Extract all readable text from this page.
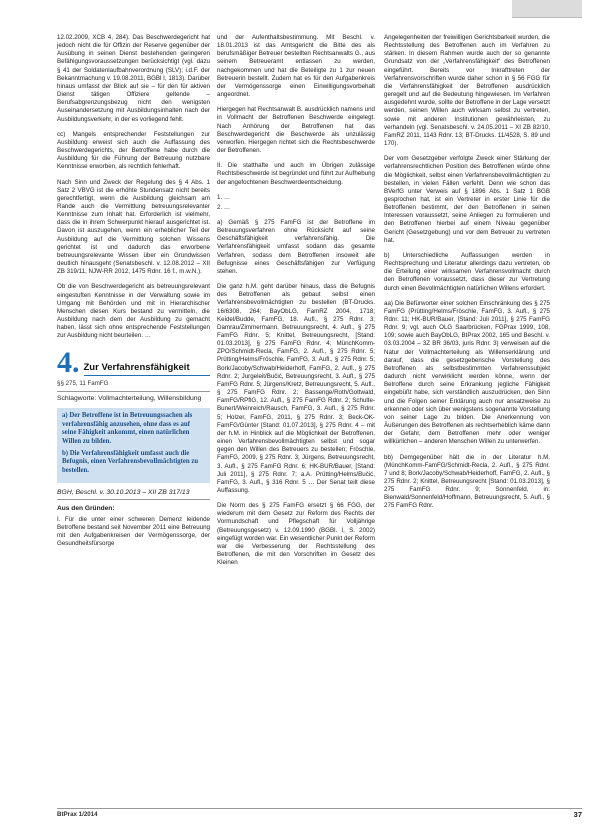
12.02.2009, XCB 4, 284). Das Beschwerdegericht hat jedoch nicht die für Offizin der Reserve gegenüber der Ausübung in seinen Dienst bestehenden geringeren Befähigungsvoraussetzungen berücksichtigt (vgl. dazu § 41 der Soldatenlaufbahnverordnung (SLV); i.d.F. der Bekanntmachung v. 19.08.2011, BGBl I, 1813). Darüber hinaus umfasst der Blick auf sie – für den für aktiven Dienst tätigen Offiziere geltende – Berufsabgrenzungsbezug nicht den wenigsten Auseinandersetzung mit Ausbildungsinhalten nach der Ausbildungsverkehr, in der es vorliegend fehlt.

cc) Mangels entsprechender Feststellungen zur Ausbildung erweist sich auch die Auffassung des Beschwerdegerichts, der Betroffene habe durch die Ausbildung für die Führung der Betreuung nutzbare Kenntnisse erworben, als rechtlich fehlerhaft.

Nach Sinn und Zweck der Regelung des § 4 Abs. 1 Satz 2 VBVG ist die erhöhte Stundensatz nicht bereits gerechtfertigt, wenn die Ausbildung gleichsam am Rande auch die Vermittlung betreuungsrelevanter Kenntnisse zum Inhalt hat. Erforderlich ist vielmehr, dass die in ihrem Schwerpunkt hierauf ausgerichtet ist. Davon ist auszugehen, wenn ein erheblicher Teil der Ausbildung auf die Vermittlung solchen Wissens gerichtet ist und dadurch das erworbene betreuungsrelevante Wissen über ein Grundwissen deutlich hinausgeht (Senatsbeschl. v. 12.08.2012 – XII ZB 319/11, NJW-RR 2012, 1475 Rdnr. 16 f., m.w.N.).

Ob die von Beschwerdegericht als betreuungsrelevant eingestuften Kenntnisse in der Verwaltung sowie im Umgang mit Behörden und mit in Hierarchischer Menschen diesen Kurs bestand zu vermitteln, die Ausbildung nach dem der Ausbildung zu gemacht haben, lässt sich ohne entsprechende Feststellungen zur Ausbildung nicht beurteilen. …

4. Zur Verfahrensfähigkeit
§§ 275, 11 FamFG
Schlagworte: Vollmachterteilung, Willensbildung

a) Der Betroffene ist in Betreuungssachen als verfahrensfähig anzusehen, ohne dass es auf seine Fähigkeit ankommt, einen natürlichen Willen zu bilden.

b) Die Verfahrensfähigkeit umfasst auch die Befugnis, einen Verfahrensbevollmächtigten zu bestellen.

BGH, Beschl. v. 30.10.2013 – XII ZB 317/13
Aus den Gründen:

I. Für die unter einer schweren Demenz leidende Betroffene bestand seit November 2011 eine Betreuung mit den Aufgabenkreisen der Vermögenssorge, der Gesundheitsfürsorge

und der Aufenthaltsbestimmung. Mit Beschl. v. 18.01.2013 ist das Amtsgericht die Bitte des als berufsmäßiger Betreuer bestellten Rechtsanwalts G., aus seinem Betreueramt entlassen zu werden, nachgekommen und hat die Beteiligte zu 1 zur neuen Betreuerin bestellt. Zudem hat es für den Aufgabenkreis der Vermögenssorge einen Einwilligungsvorbehalt angeordnet.

Hiergegen hat Rechtsanwalt B. ausdrücklich namens und in Vollmacht der Betroffenen Beschwerde eingelegt. Nach Anhörung der Betroffenen hat das Beschwerdegericht die Beschwerde als unzulässig verworfen. Hiergegen richtet sich die Rechtsbeschwerde der Betroffenen.

II. Die statthafte und auch im Übrigen zulässige Rechtsbeschwerde ist begründet und führt zur Aufhebung der angefochtenen Beschwerdeentscheidung.

1. …

2. …

a) Gemäß § 275 FamFG ist der Betroffene im Betreuungsverfahren ohne Rücksicht auf seine Geschäftsfähigkeit verfahrensfähig. Die Verfahrensfähigkeit umfasst sodann das gesamte Verfahren, sodass dem Betroffenen insoweit alle Befugnisse eines Geschäftsfähigen zur Verfügung stehen.

Die ganz h.M. geht darüber hinaus, dass die Befugnis des Betroffenen als gebaut selbst einen Verfahrensbevollmächtigten zu bestellen (BT-Drucks. 16/6308, 264; BayObLG, FamRZ 2004, 1718; Keidel/Budde, FamFG, 18. Aufl., § 275 Rdnr. 3; Damrau/Zimmermann, Betreuungsrecht, 4. Aufl., § 275 FamFG Rdnr. 5; Knittel, Betreuungsrecht, [Stand: 01.03.2013], § 275 FamFG Rdnr. 4; MünchKomm-ZPO/Schmidt-Recla, FamFG, 2. Aufl., § 275 Rdnr. 5; Prütting/Helms/Fröschle, FamFG, 3. Aufl., § 275 Rdnr. 5; Bork/Jacoby/Schwab/Heiderhoff, FamFG, 2. Aufl., § 275 Rdnr. 2; Jurgeleit/Bučić, Betreuungsrecht, 3. Aufl., § 275 FamFG Rdnr. 5; Jürgens/Kretz, Betreuungsrecht, 5. Aufl., § 275 FamFG Rdnr. 2; Bassenge/Roth/Gottwald, FamFG/RPflG, 12. Aufl., § 275 FamFG Rdnr. 2; Schulte-Bunert/Weinreich/Rausch, FamFG, 3. Aufl., § 275 Rdnr. 5; Holzer, FamFG, 2011, § 275 Rdnr. 3; Beck-OK-FamFG/Günter [Stand: 01.07.2013], § 275 Rdnr. 4 – mit der h.M. in Hinblick auf die Möglichkeit der Betroffenen, einen Verfahrensbevollmächtigten selbst und sogar gegen den Willen des Betreuers zu bestellen; Fröschle, FamFG, 2009, § 275 Rdnr. 3; Jürgens, Betreuungsrecht, 3. Aufl., § 275 FamFG Rdnr. 6; HK-BUR/Bauer, [Stand: Juli 2011], § 275 Rdnr. 7; a.A. Prütting/Helms/Bučić, FamFG, 3. Aufl., § 316 Rdnr. 5 … Der Senat teilt diese Auffassung.

Die Norm des § 275 FamFG ersetzt § 66 FGG, der wiederum mit dem Gesetz zur Reform des Rechts der Vormundschaft und Pflegschaft für Volljährige (Betreuungsgesetz) v. 12.09.1990 (BGBl. I, S. 2002) eingefügt worden war. Ein wesentlicher Punkt der Reform war die Verbesserung der Rechtsstellung des Betroffenen, die mit den Vorschriften im Gesetz des Kleinen

Angelegenheiten der freiwilligen Gerichtsbarkeit wurden, die Rechtsstellung des Betroffenen auch im Verfahren zu stärken. In diesem Rahmen wurde auch der so genannte Grundsatz von der „Verfahrensfähigkeit“ des Betroffenen eingeführt. Bereits vor Inkrafttreten der Verfahrensvorschriften wurde daher schon in § 56 FGG für die Verfahrensfähigkeit der Betroffenen ausdrücklich geregelt und auf die Bedeutung hingewiesen. Im Verfahren ausgedehnt wurde, sollte der Betroffene in der Lage versetzt werden, seinen Willen auch wirksam selbst zu vertreten, sowie mit anderen Institutionen gewährleisten, zu verhandeln (vgl. Senatsbeschl. v. 24.05.2011 – XI ZB 82/10, FamRZ 2011, 1143 Rdnr. 13; BT-Drucks. 11/4528, S. 89 und 170).

Der vom Gesetzgeber verfolgte Zweck einer Stärkung der verfahrensrechtlichen Position des Betroffenen würde ohne die Möglichkeit, selbst einen Verfahrensbevollmächtigten zu bestellen, in vielen Fällen verfehlt. Denn wie schon das BVerfG unter Verweis auf § 1896 Abs. 1 Satz 1 BGB gesprochen hat, ist ein Vertreter in erster Linie für die Betroffenen bestimmt, der den Betroffenen in seinen Interessen voraussetzt, seine Anliegen zu formulieren und den Betroffenen hierbei auf einem Niveau gegenüber Gericht (Gesetzgebung) und vor dem Betreuer zu vertreten hat.

b) Unterschiedliche Auffassungen werden in Rechtsprechung und Literatur allerdings dazu vertreten, ob die Erteilung einer wirksamen Verfahrensvollmacht durch den Betroffenen voraussetzt, dass dieser zur Vertretung durch einen Bevollmächtigten natürlichen Willens erfordert.

aa) Die Befürworter einer solchen Einschränkung des § 275 FamFG (Prütting/Helms/Fröschle, FamFG, 3. Aufl., § 275 Rdnr. 11; HK-BUR/Bauer, [Stand: Juli 2011], § 275 FamFG Rdnr. 9; vgl. auch OLG Saarbrücken, FGPrax 1999, 108, 109; sowie auch BayObLG, BtPrax 2002, 165 und Beschl. v. 03.03.2004 – 3Z BR 36/03, juris Rdnr. 3) verweisen auf die Natur der Vollmachterteilung als Willenserklärung und darauf, dass die gesetzgeberische Vorstellung des Betroffenen als selbstbestimmten Verfahrenssubjekt dadurch nicht verwirklicht werden könne, wenn der Betroffene durch seine Erkrankung jegliche Fähigkeit eingebüßt habe, sich verständlich auszudrücken, den Sinn und die Folgen seiner Erklärung auch nur ansatzweise zu erkennen oder sich über wenigstens sogenannte Vorstellung von seiner Lage zu bilden. Die Anerkennung von Äußerungen des Betroffenen als rechtserheblich käme dann der Gefahr, dem Betroffenen mehr oder weniger willkürlichen – anderen Menschen Willen zu unterwerfen.

bb) Demgegenüber hält die in der Literatur h.M. (MünchKomm-FamFG/Schmidt-Recla, 2. Aufl., § 275 Rdnr. 7 und 8; Bork/Jacoby/Schwab/Heiderhoff, FamFG, 2. Aufl., § 275 Rdnr. 2; Knittel, Betreuungsrecht [Stand: 01.03.2013], § 275 FamFG Rdnr. 9; Sonnenfeld, in: Bienwald/Sonnenfeld/Hoffmann, Betreuungsrecht, 5. Aufl., § 275 FamFG Rdnr.

BtPrax 1/2014	37
